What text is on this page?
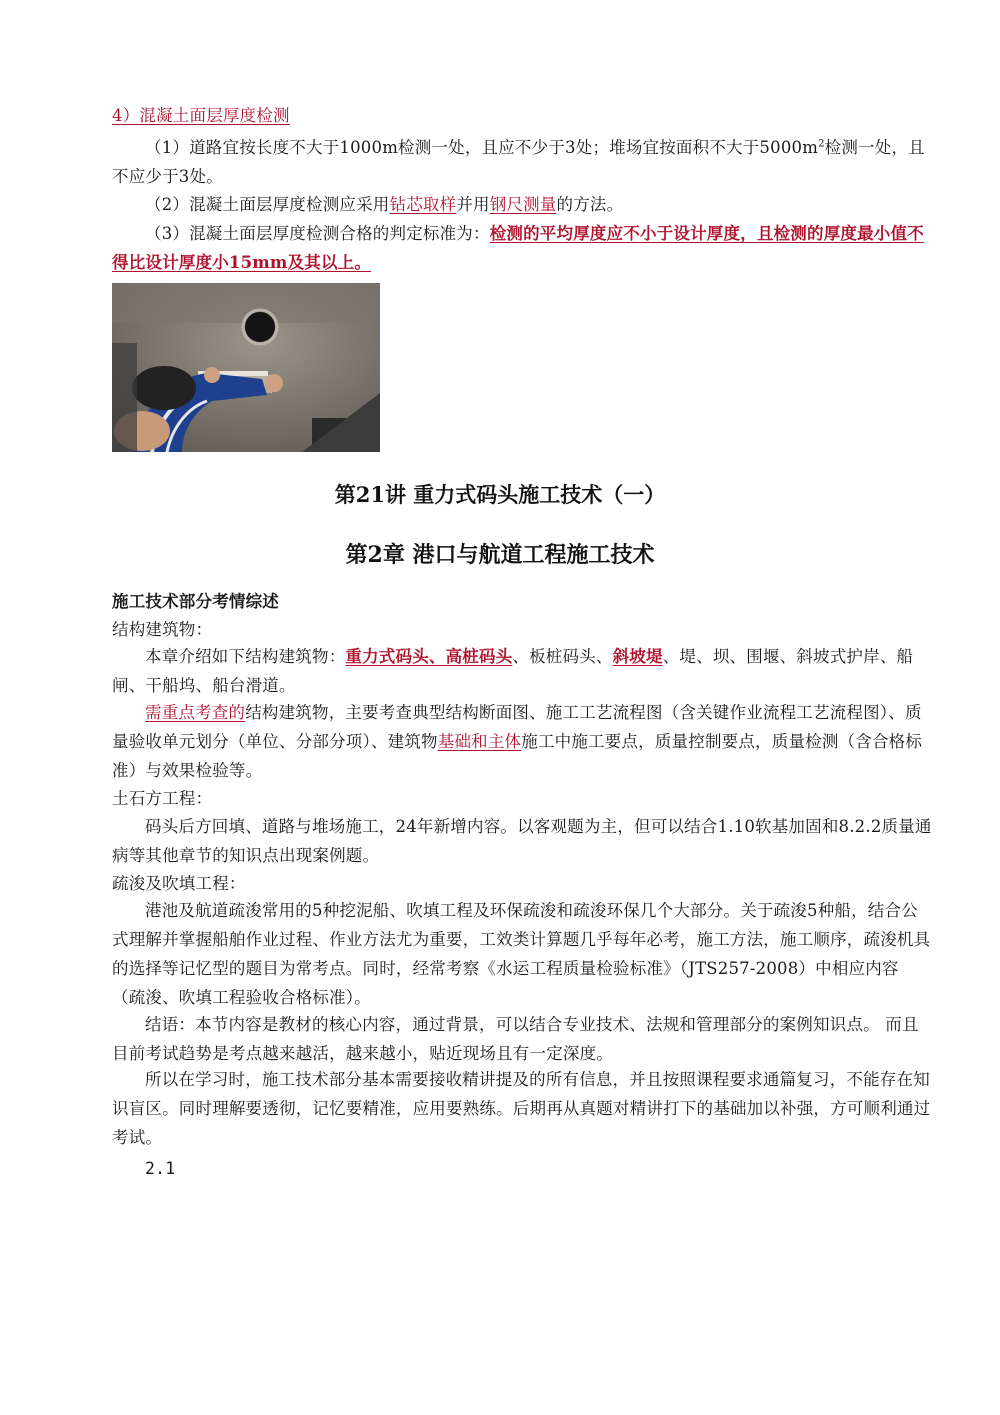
4）混凝土面层厚度检测
（1）道路宜按长度不大于1000m检测一处，且应不少于3处；堆场宜按面积不大于$5000m^2$检测一处，且不应少于3处。
（2）混凝土面层厚度检测应采用钻芯取样并用钢尺测量的方法。
（3）混凝土面层厚度检测合格的判定标准为：检测的平均厚度应不小于设计厚度，且检测的厚度最小值不得比设计厚度小15mm及其以上。
第21讲 重力式码头施工技术（一）
第2章 港口与航道工程施工技术
施工技术部分考情综述
结构建筑物：
本章介绍如下结构建筑物：重力式码头、高桩码头、板桩码头、斜坡堤、堤、坝、围堰、斜坡式护岸、船闸、干船坞、船台滑道。
需重点考查的结构建筑物，主要考查典型结构断面图、施工工艺流程图（含关键作业流程工艺流程图）、质量验收单元划分（单位、分部分项）、建筑物基础和主体施工中施工要点，质量控制要点，质量检测（含合格标准）与效果检验等。
土石方工程：
码头后方回填、道路与堆场施工，24年新增内容。以客观题为主，但可以结合1.10软基加固和8.2.2质量通病等其他章节的知识点出现案例题。
疏浚及吹填工程：
港池及航道疏浚常用的5种挖泥船、吹填工程及环保疏浚和疏浚环保几个大部分。关于疏浚5种船，结合公式理解并掌握船舶作业过程、作业方法尤为重要，工效类计算题几乎每年必考，施工方法，施工顺序，疏浚机具的选择等记忆型的题目为常考点。同时，经常考察《水运工程质量检验标准》（JTS257-2008）中相应内容（疏浚、吹填工程验收合格标准）。
结语：本节内容是教材的核心内容，通过背景，可以结合专业技术、法规和管理部分的案例知识点。 而且目前考试趋势是考点越来越活，越来越小，贴近现场且有一定深度。
所以在学习时，施工技术部分基本需要接收精讲提及的所有信息，并且按照课程要求通篇复习，不能存在知识盲区。同时理解要透彻，记忆要精准，应用要熟练。后期再从真题对精讲打下的基础加以补强，方可顺利通过考试。
2.1
